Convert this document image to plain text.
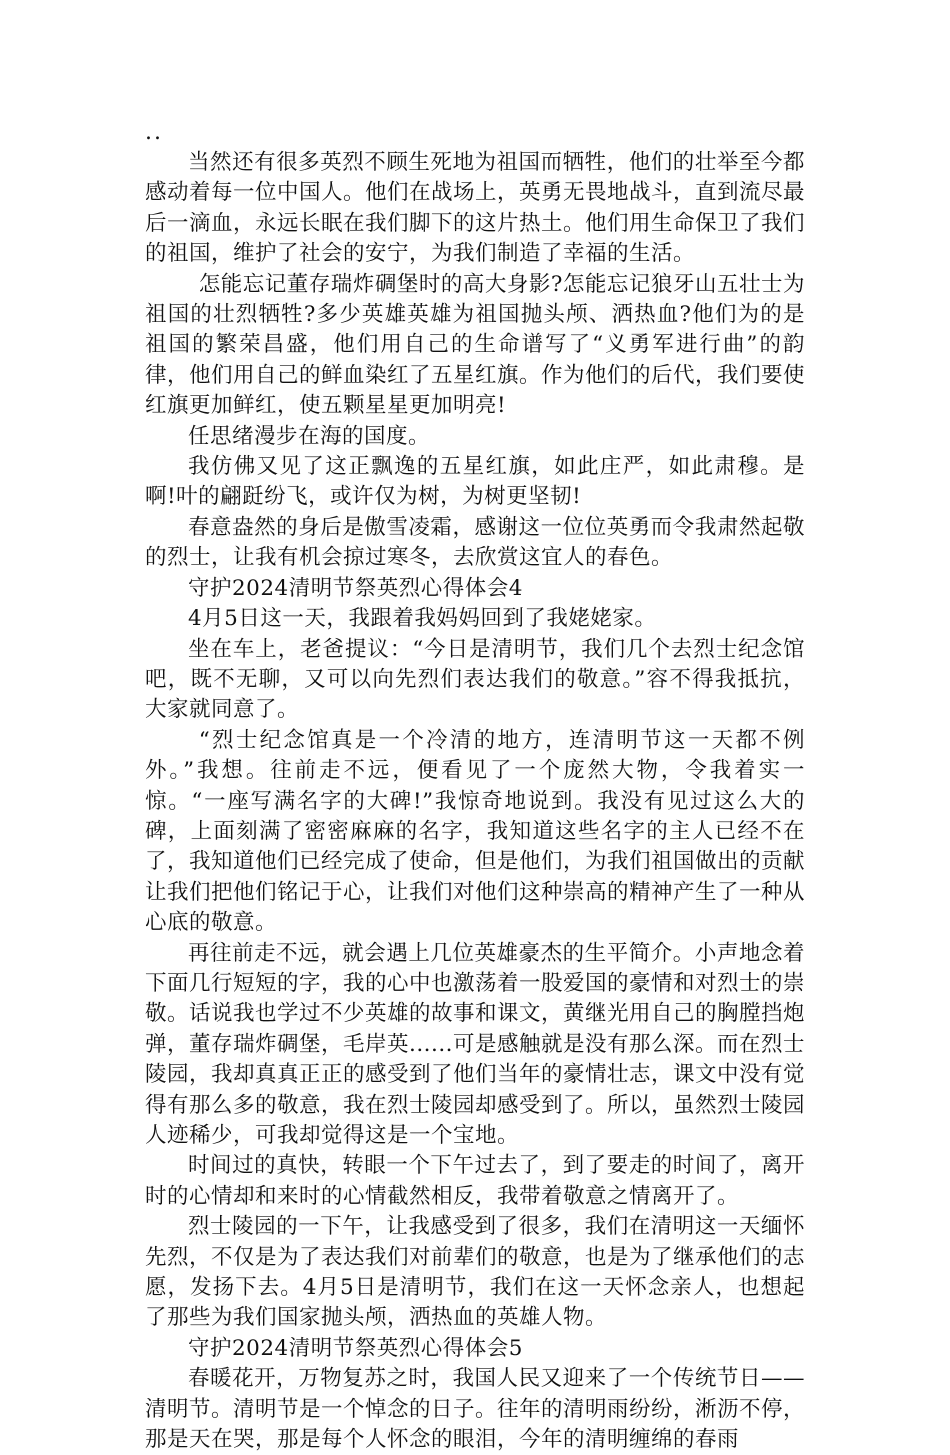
..

当然还有很多英烈不顾生死地为祖国而牺牲，他们的壮举至今都感动着每一位中国人。他们在战场上，英勇无畏地战斗，直到流尽最后一滴血，永远长眠在我们脚下的这片热土。他们用生命保卫了我们的祖国，维护了社会的安宁，为我们制造了幸福的生活。

怎能忘记董存瑞炸碉堡时的高大身影?怎能忘记狼牙山五壮士为祖国的壮烈牺牲?多少英雄英雄为祖国抛头颅、洒热血?他们为的是祖国的繁荣昌盛，他们用自己的生命谱写了“义勇军进行曲”的韵律，他们用自己的鲜血染红了五星红旗。作为他们的后代，我们要使红旗更加鲜红，使五颗星星更加明亮!

任思绪漫步在海的国度。

我仿佛又见了这正飘逸的五星红旗，如此庄严，如此肃穆。是啊!叶的翩跹纷飞，或许仅为树，为树更坚韧!

春意盎然的身后是傲雪凌霜，感谢这一位位英勇而令我肃然起敬的烈士，让我有机会掠过寒冬，去欣赏这宜人的春色。

守护2024清明节祭英烈心得体会4

4月5日这一天，我跟着我妈妈回到了我姥姥家。

坐在车上，老爸提议：“今日是清明节，我们几个去烈士纪念馆吧，既不无聊，又可以向先烈们表达我们的敬意。”容不得我抵抗，大家就同意了。

“烈士纪念馆真是一个冷清的地方，连清明节这一天都不例外。”我想。往前走不远，便看见了一个庞然大物，令我着实一惊。“一座写满名字的大碑!”我惊奇地说到。我没有见过这么大的碑，上面刻满了密密麻麻的名字，我知道这些名字的主人已经不在了，我知道他们已经完成了使命，但是他们，为我们祖国做出的贡献让我们把他们铭记于心，让我们对他们这种崇高的精神产生了一种从心底的敬意。

再往前走不远，就会遇上几位英雄豪杰的生平简介。小声地念着下面几行短短的字，我的心中也激荡着一股爱国的豪情和对烈士的崇敬。话说我也学过不少英雄的故事和课文，黄继光用自己的胸膛挡炮弹，董存瑞炸碉堡，毛岸英......可是感触就是没有那么深。而在烈士陵园，我却真真正正的感受到了他们当年的豪情壮志，课文中没有觉得有那么多的敬意，我在烈士陵园却感受到了。所以，虽然烈士陵园人迹稀少，可我却觉得这是一个宝地。

时间过的真快，转眼一个下午过去了，到了要走的时间了，离开时的心情却和来时的心情截然相反，我带着敬意之情离开了。

烈士陵园的一下午，让我感受到了很多，我们在清明这一天缅怀先烈，不仅是为了表达我们对前辈们的敬意，也是为了继承他们的志愿，发扬下去。4月5日是清明节，我们在这一天怀念亲人，也想起了那些为我们国家抛头颅，洒热血的英雄人物。

守护2024清明节祭英烈心得体会5

春暖花开，万物复苏之时，我国人民又迎来了一个传统节日——清明节。清明节是一个悼念的日子。往年的清明雨纷纷，淅沥不停，那是天在哭，那是每个人怀念的眼泪，今年的清明缠绵的春雨
